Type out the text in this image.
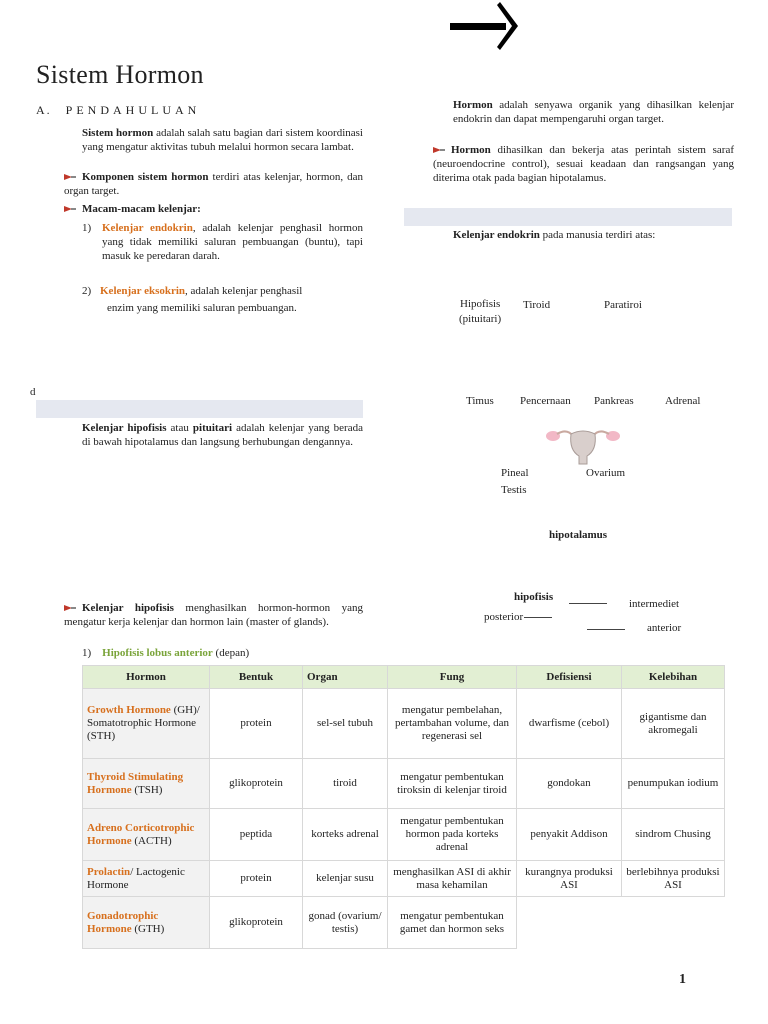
Sistem Hormon
A. PENDAHULUAN
Sistem hormon adalah salah satu bagian dari sistem koordinasi yang mengatur aktivitas tubuh melalui hormon secara lambat.
Komponen sistem hormon terdiri atas kelenjar, hormon, dan organ target.
Macam-macam kelenjar:
1) Kelenjar endokrin, adalah kelenjar penghasil hormon yang tidak memiliki saluran pembuangan (buntu), tapi masuk ke peredaran darah.
2) Kelenjar eksokrin, adalah kelenjar penghasil
enzim yang memiliki saluran pembuangan.
d
Kelenjar hipofisis atau pituitari adalah kelenjar yang berada di bawah hipotalamus dan langsung berhubungan dengannya.
Hormon adalah senyawa organik yang dihasilkan kelenjar endokrin dan dapat mempengaruhi organ target.
Hormon dihasilkan dan bekerja atas perintah sistem saraf (neuroendocrine control), sesuai keadaan dan rangsangan yang diterima otak pada bagian hipotalamus.
Kelenjar endokrin pada manusia terdiri atas:
Hipofisis
(pituitari)
Tiroid	Paratiroi
Timus Pencernaan Pankreas	Adrenal
Pineal	Ovarium
Testis
hipotalamus
hipofisis
intermediet
posterior
anterior
Kelenjar hipofisis menghasilkan hormon-hormon yang mengatur kerja kelenjar dan hormon lain (master of glands).
1) Hipofisis lobus anterior (depan)
Hormon	Bentuk	Organ	Fung	Defisiensi	Kelebihan
Growth Hormone (GH)/ Somatotrophic Hormone (STH)	protein	sel-sel tubuh	mengatur pembelahan, pertambahan volume, dan regenerasi sel	dwarfisme (cebol)	gigantisme dan akromegali
Thyroid Stimulating Hormone (TSH)	glikoprotein	tiroid	mengatur pembentukan tiroksin di kelenjar tiroid	gondokan	penumpukan iodium
Adreno Corticotrophic Hormone (ACTH)	peptida	korteks adrenal	mengatur pembentukan hormon pada korteks adrenal	penyakit Addison	sindrom Chusing
Prolactin/ Lactogenic Hormone	protein	kelenjar susu	menghasilkan ASI di akhir masa kehamilan	kurangnya produksi ASI	berlebihnya produksi ASI
Gonadotrophic Hormone (GTH)	glikoprotein	gonad (ovarium/ testis)	mengatur pembentukan gamet dan hormon seks		
1
